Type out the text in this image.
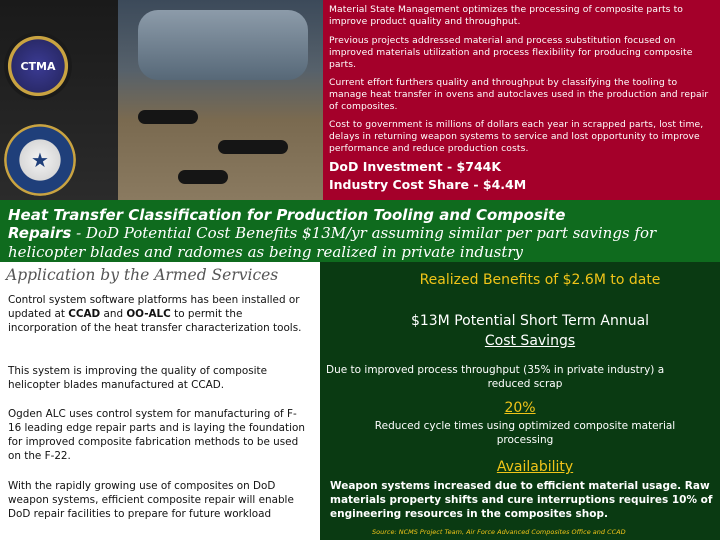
CTMA
★

Material State Management optimizes the processing of composite parts to improve product quality and throughput.

Previous projects addressed material and process substitution focused on improved materials utilization and process flexibility for producing composite parts.

Current effort furthers quality and throughput by classifying the tooling to manage heat transfer in ovens and autoclaves used in the production and repair of composites.

Cost to government is millions of dollars each year in scrapped parts, lost time, delays in returning weapon systems to service and lost opportunity to improve performance and reduce production costs.

DoD Investment - $744K
Industry Cost Share - $4.4M
Heat Transfer Classification for Production Tooling and Composite
Repairs - DoD Potential Cost Benefits $13M/yr assuming similar per part savings for
helicopter blades and radomes as being realized in private industry
Application by the Armed Services

Control system software platforms has been installed or updated at CCAD and OO-ALC to permit the incorporation of the heat transfer characterization tools.

This system is improving the quality of composite helicopter blades manufactured at CCAD.

Ogden ALC uses control system for manufacturing of F-16 leading edge repair parts and is laying the foundation for improved composite fabrication methods to be used on the F-22.

With the rapidly growing use of composites on DoD weapon systems, efficient composite repair will enable DoD repair facilities to prepare for future workload

Realized Benefits of $2.6M to date
$13M Potential Short Term Annual
Cost Savings
Due to improved process throughput (35% in private industry) a
reduced scrap
20%
Reduced cycle times using optimized composite material
processing
Availability
Weapon systems increased due to efficient material usage. Raw
materials property shifts and cure interruptions requires 10% of
engineering resources in the composites shop.
Source: NCMS Project Team, Air Force Advanced Composites Office and CCAD
